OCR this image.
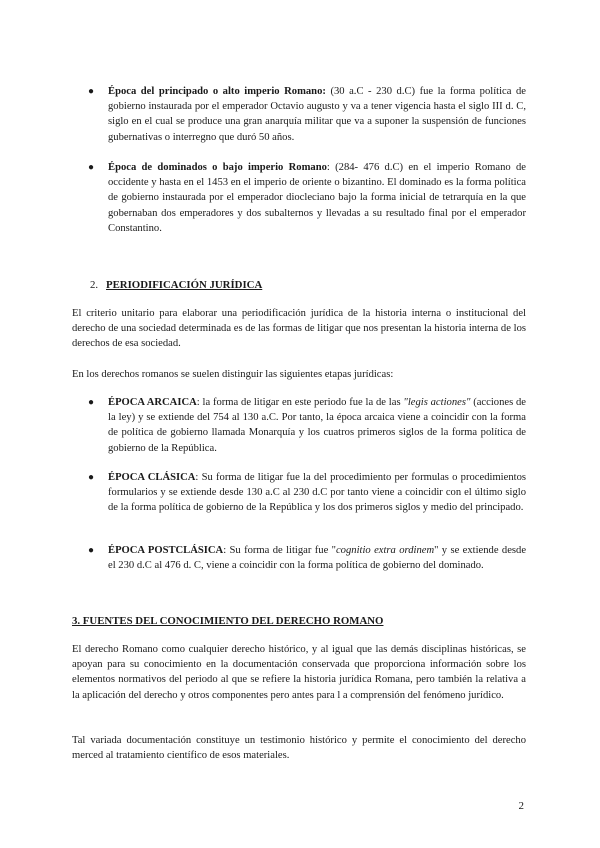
●	Época del principado o alto imperio Romano: (30 a.C - 230 d.C) fue la forma política de gobierno instaurada por el emperador Octavio augusto y va a tener vigencia hasta el siglo III d. C, siglo en el cual se produce una gran anarquía militar que va a suponer la suspensión de funciones gubernativas o interregno que duró 50 años.
●	Época de dominados o bajo imperio Romano: (284- 476 d.C) en el imperio Romano de occidente y hasta en el 1453 en el imperio de oriente o bizantino. El dominado es la forma política de gobierno instaurada por el emperador diocleciano bajo la forma inicial de tetrarquía en la que gobernaban dos emperadores y dos subalternos y llevadas a su resultado final por el emperador Constantino.
2. PERIODIFICACIÓN JURÍDICA
El criterio unitario para elaborar una periodificación jurídica de la historia interna o institucional del derecho de una sociedad determinada es de las formas de litigar que nos presentan la historia interna de los derechos de esa sociedad.
En los derechos romanos se suelen distinguir las siguientes etapas jurídicas:
●	ÉPOCA ARCAICA: la forma de litigar en este periodo fue la de las "legis actiones" (acciones de la ley) y se extiende del 754 al 130 a.C. Por tanto, la época arcaica viene a coincidir con la forma de política de gobierno llamada Monarquía y los cuatros primeros siglos de la forma política de gobierno de la República.
●	ÉPOCA CLÁSICA: Su forma de litigar fue la del procedimiento per formulas o procedimientos formularios y se extiende desde 130 a.C al 230 d.C por tanto viene a coincidir con el último siglo de la forma política de gobierno de la República y los dos primeros siglos y medio del principado.
●	ÉPOCA POSTCLÁSICA: Su forma de litigar fue "cognitio extra ordinem" y se extiende desde el 230 d.C al 476 d. C, viene a coincidir con la forma política de gobierno del dominado.
3. FUENTES DEL CONOCIMIENTO DEL DERECHO ROMANO
El derecho Romano como cualquier derecho histórico, y al igual que las demás disciplinas históricas, se apoyan para su conocimiento en la documentación conservada que proporciona información sobre los elementos normativos del periodo al que se refiere la historia jurídica Romana, pero también la relativa a la aplicación del derecho y otros componentes pero antes para l a comprensión del fenómeno jurídico.
Tal variada documentación constituye un testimonio histórico y permite el conocimiento del derecho merced al tratamiento científico de esos materiales.
2
